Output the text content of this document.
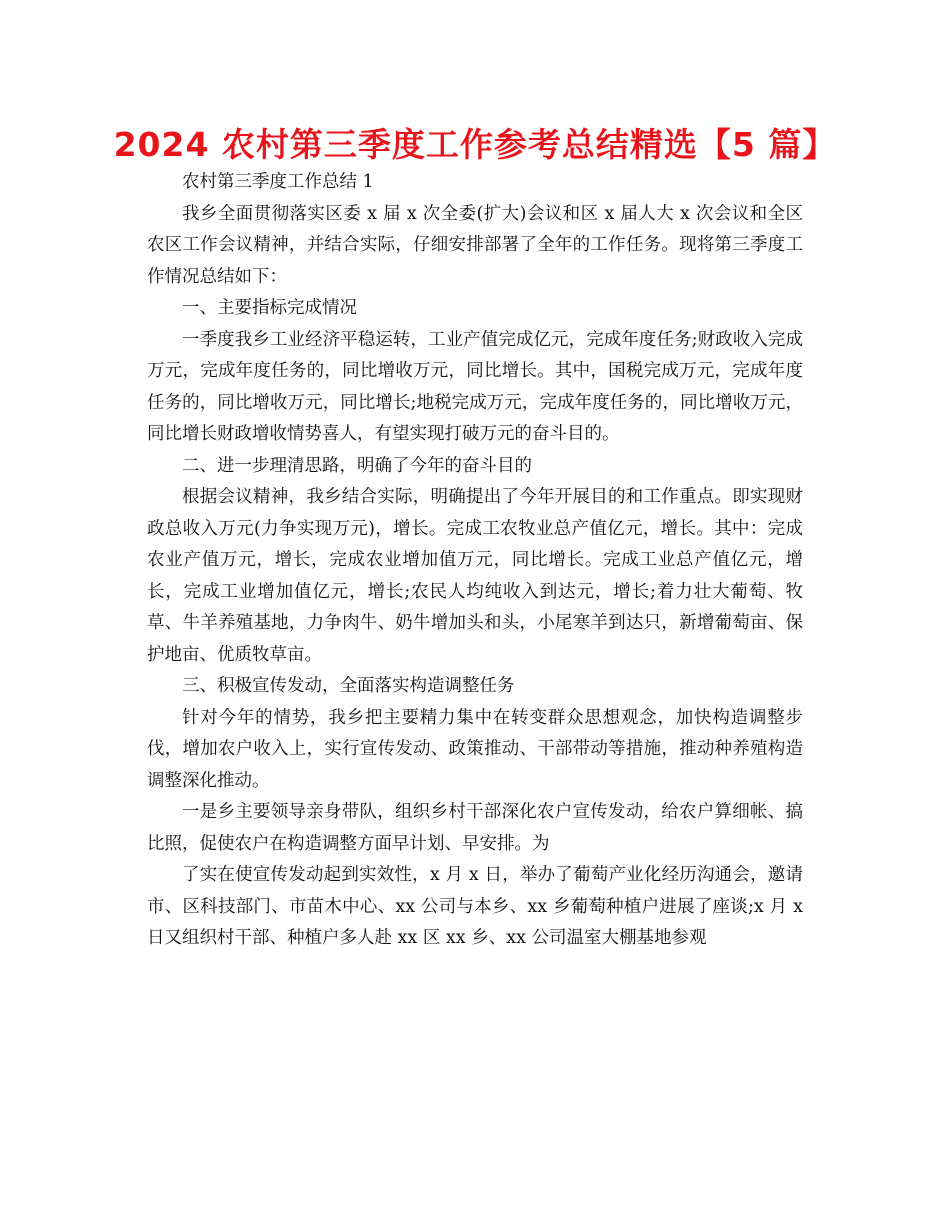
2024 农村第三季度工作参考总结精选【5 篇】

农村第三季度工作总结 1

我乡全面贯彻落实区委 x 届 x 次全委(扩大)会议和区 x 届人大 x 次会议和全区农区工作会议精神，并结合实际，仔细安排部署了全年的工作任务。现将第三季度工作情况总结如下：

一、主要指标完成情况

一季度我乡工业经济平稳运转，工业产值完成亿元，完成年度任务;财政收入完成万元，完成年度任务的，同比增收万元，同比增长。其中，国税完成万元，完成年度任务的，同比增收万元，同比增长;地税完成万元，完成年度任务的，同比增收万元，同比增长财政增收情势喜人，有望实现打破万元的奋斗目的。

二、进一步理清思路，明确了今年的奋斗目的

根据会议精神，我乡结合实际，明确提出了今年开展目的和工作重点。即实现财政总收入万元(力争实现万元)，增长。完成工农牧业总产值亿元，增长。其中：完成农业产值万元，增长，完成农业增加值万元，同比增长。完成工业总产值亿元，增长，完成工业增加值亿元，增长;农民人均纯收入到达元，增长;着力壮大葡萄、牧草、牛羊养殖基地，力争肉牛、奶牛增加头和头，小尾寒羊到达只，新增葡萄亩、保护地亩、优质牧草亩。

三、积极宣传发动，全面落实构造调整任务

针对今年的情势，我乡把主要精力集中在转变群众思想观念，加快构造调整步伐，增加农户收入上，实行宣传发动、政策推动、干部带动等措施，推动种养殖构造调整深化推动。

一是乡主要领导亲身带队，组织乡村干部深化农户宣传发动，给农户算细帐、搞比照，促使农户在构造调整方面早计划、早安排。为

了实在使宣传发动起到实效性，x 月 x 日，举办了葡萄产业化经历沟通会，邀请市、区科技部门、市苗木中心、xx 公司与本乡、xx 乡葡萄种植户进展了座谈;x 月 x 日又组织村干部、种植户多人赴 xx 区 xx 乡、xx 公司温室大棚基地参观
